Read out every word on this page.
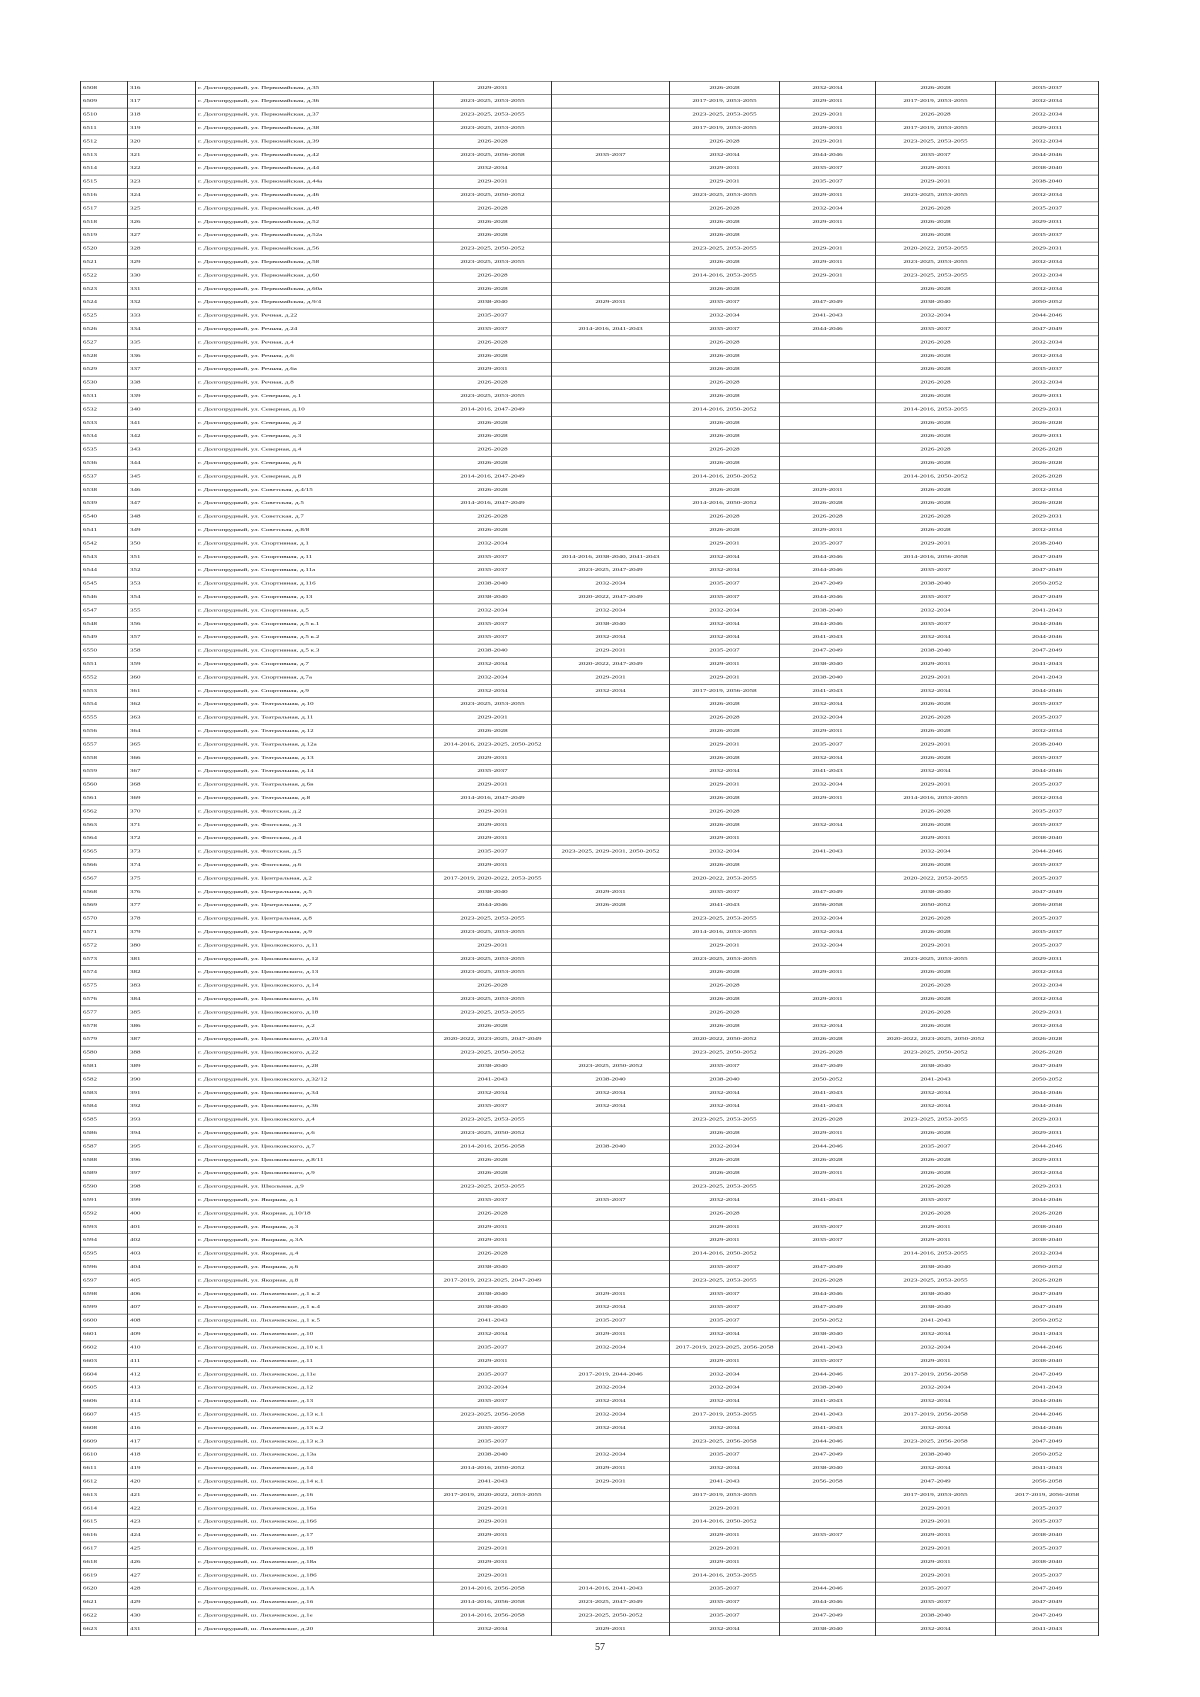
6508	316	г. Долгопрудный, ул. Первомайская, д.35	2029-2031		2026-2028	2032-2034	2026-2028	2035-2037
6509	317	г. Долгопрудный, ул. Первомайская, д.36	2023-2025, 2053-2055		2017-2019, 2053-2055	2029-2031	2017-2019, 2053-2055	2032-2034
6510	318	г. Долгопрудный, ул. Первомайская, д.37	2023-2025, 2053-2055		2023-2025, 2053-2055	2029-2031	2026-2028	2032-2034
6511	319	г. Долгопрудный, ул. Первомайская, д.38	2023-2025, 2053-2055		2017-2019, 2053-2055	2029-2031	2017-2019, 2053-2055	2029-2031
6512	320	г. Долгопрудный, ул. Первомайская, д.39	2026-2028		2026-2028	2029-2031	2023-2025, 2053-2055	2032-2034
6513	321	г. Долгопрудный, ул. Первомайская, д.42	2023-2025, 2056-2058	2035-2037	2032-2034	2044-2046	2035-2037	2044-2046
6514	322	г. Долгопрудный, ул. Первомайская, д.44	2032-2034		2029-2031	2035-2037	2029-2031	2038-2040
6515	323	г. Долгопрудный, ул. Первомайская, д.44а	2029-2031		2029-2031	2035-2037	2029-2031	2038-2040
6516	324	г. Долгопрудный, ул. Первомайская, д.46	2023-2025, 2050-2052		2023-2025, 2053-2055	2029-2031	2023-2025, 2053-2055	2032-2034
6517	325	г. Долгопрудный, ул. Первомайская, д.48	2026-2028		2026-2028	2032-2034	2026-2028	2035-2037
6518	326	г. Долгопрудный, ул. Первомайская, д.52	2026-2028		2026-2028	2029-2031	2026-2028	2029-2031
6519	327	г. Долгопрудный, ул. Первомайская, д.52а	2026-2028		2026-2028		2026-2028	2035-2037
6520	328	г. Долгопрудный, ул. Первомайская, д.56	2023-2025, 2050-2052		2023-2025, 2053-2055	2029-2031	2020-2022, 2053-2055	2029-2031
6521	329	г. Долгопрудный, ул. Первомайская, д.58	2023-2025, 2053-2055		2026-2028	2029-2031	2023-2025, 2053-2055	2032-2034
6522	330	г. Долгопрудный, ул. Первомайская, д.60	2026-2028		2014-2016, 2053-2055	2029-2031	2023-2025, 2053-2055	2032-2034
6523	331	г. Долгопрудный, ул. Первомайская, д.60а	2026-2028		2026-2028		2026-2028	2032-2034
6524	332	г. Долгопрудный, ул. Первомайская, д.9/4	2038-2040	2029-2031	2035-2037	2047-2049	2038-2040	2050-2052
6525	333	г. Долгопрудный, ул. Речная, д.22	2035-2037		2032-2034	2041-2043	2032-2034	2044-2046
6526	334	г. Долгопрудный, ул. Речная, д.24	2035-2037	2014-2016, 2041-2043	2035-2037	2044-2046	2035-2037	2047-2049
6527	335	г. Долгопрудный, ул. Речная, д.4	2026-2028		2026-2028		2026-2028	2032-2034
6528	336	г. Долгопрудный, ул. Речная, д.6	2026-2028		2026-2028		2026-2028	2032-2034
6529	337	г. Долгопрудный, ул. Речная, д.6а	2029-2031		2026-2028		2026-2028	2035-2037
6530	338	г. Долгопрудный, ул. Речная, д.8	2026-2028		2026-2028		2026-2028	2032-2034
6531	339	г. Долгопрудный, ул. Северная, д.1	2023-2025, 2053-2055		2026-2028		2026-2028	2029-2031
6532	340	г. Долгопрудный, ул. Северная, д.10	2014-2016, 2047-2049		2014-2016, 2050-2052		2014-2016, 2053-2055	2029-2031
6533	341	г. Долгопрудный, ул. Северная, д.2	2026-2028		2026-2028		2026-2028	2026-2028
6534	342	г. Долгопрудный, ул. Северная, д.3	2026-2028		2026-2028		2026-2028	2029-2031
6535	343	г. Долгопрудный, ул. Северная, д.4	2026-2028		2026-2028		2026-2028	2026-2028
6536	344	г. Долгопрудный, ул. Северная, д.6	2026-2028		2026-2028		2026-2028	2026-2028
6537	345	г. Долгопрудный, ул. Северная, д.8	2014-2016, 2047-2049		2014-2016, 2050-2052		2014-2016, 2050-2052	2026-2028
6538	346	г. Долгопрудный, ул. Советская, д.4/15	2026-2028		2026-2028	2029-2031	2026-2028	2032-2034
6539	347	г. Долгопрудный, ул. Советская, д.5	2014-2016, 2047-2049		2014-2016, 2050-2052	2026-2028	2026-2028	2026-2028
6540	348	г. Долгопрудный, ул. Советская, д.7	2026-2028		2026-2028	2026-2028	2026-2028	2029-2031
6541	349	г. Долгопрудный, ул. Советская, д.8/8	2026-2028		2026-2028	2029-2031	2026-2028	2032-2034
6542	350	г. Долгопрудный, ул. Спортивная, д.1	2032-2034		2029-2031	2035-2037	2029-2031	2038-2040
6543	351	г. Долгопрудный, ул. Спортивная, д.11	2035-2037	2014-2016, 2038-2040, 2041-2043	2032-2034	2044-2046	2014-2016, 2056-2058	2047-2049
6544	352	г. Долгопрудный, ул. Спортивная, д.11а	2035-2037	2023-2025, 2047-2049	2032-2034	2044-2046	2035-2037	2047-2049
6545	353	г. Долгопрудный, ул. Спортивная, д.11б	2038-2040	2032-2034	2035-2037	2047-2049	2038-2040	2050-2052
6546	354	г. Долгопрудный, ул. Спортивная, д.13	2038-2040	2020-2022, 2047-2049	2035-2037	2044-2046	2035-2037	2047-2049
6547	355	г. Долгопрудный, ул. Спортивная, д.5	2032-2034	2032-2034	2032-2034	2038-2040	2032-2034	2041-2043
6548	356	г. Долгопрудный, ул. Спортивная, д.5 к.1	2035-2037	2038-2040	2032-2034	2044-2046	2035-2037	2044-2046
6549	357	г. Долгопрудный, ул. Спортивная, д.5 к.2	2035-2037	2032-2034	2032-2034	2041-2043	2032-2034	2044-2046
6550	358	г. Долгопрудный, ул. Спортивная, д.5 к.3	2038-2040	2029-2031	2035-2037	2047-2049	2038-2040	2047-2049
6551	359	г. Долгопрудный, ул. Спортивная, д.7	2032-2034	2020-2022, 2047-2049	2029-2031	2038-2040	2029-2031	2041-2043
6552	360	г. Долгопрудный, ул. Спортивная, д.7а	2032-2034	2029-2031	2029-2031	2038-2040	2029-2031	2041-2043
6553	361	г. Долгопрудный, ул. Спортивная, д.9	2032-2034	2032-2034	2017-2019, 2056-2058	2041-2043	2032-2034	2044-2046
6554	362	г. Долгопрудный, ул. Театральная, д.10	2023-2025, 2053-2055		2026-2028	2032-2034	2026-2028	2035-2037
6555	363	г. Долгопрудный, ул. Театральная, д.11	2029-2031		2026-2028	2032-2034	2026-2028	2035-2037
6556	364	г. Долгопрудный, ул. Театральная, д.12	2026-2028		2026-2028	2029-2031	2026-2028	2032-2034
6557	365	г. Долгопрудный, ул. Театральная, д.12а	2014-2016, 2023-2025, 2050-2052		2029-2031	2035-2037	2029-2031	2038-2040
6558	366	г. Долгопрудный, ул. Театральная, д.13	2029-2031		2026-2028	2032-2034	2026-2028	2035-2037
6559	367	г. Долгопрудный, ул. Театральная, д.14	2035-2037		2032-2034	2041-2043	2032-2034	2044-2046
6560	368	г. Долгопрудный, ул. Театральная, д.6в	2029-2031		2029-2031	2032-2034	2029-2031	2035-2037
6561	369	г. Долгопрудный, ул. Театральная, д.8	2014-2016, 2047-2049		2026-2028	2029-2031	2014-2016, 2053-2055	2032-2034
6562	370	г. Долгопрудный, ул. Флотская, д.2	2029-2031		2026-2028		2026-2028	2035-2037
6563	371	г. Долгопрудный, ул. Флотская, д.3	2029-2031		2026-2028	2032-2034	2026-2028	2035-2037
6564	372	г. Долгопрудный, ул. Флотская, д.4	2029-2031		2029-2031		2029-2031	2038-2040
6565	373	г. Долгопрудный, ул. Флотская, д.5	2035-2037	2023-2025, 2029-2031, 2050-2052	2032-2034	2041-2043	2032-2034	2044-2046
6566	374	г. Долгопрудный, ул. Флотская, д.6	2029-2031		2026-2028		2026-2028	2035-2037
6567	375	г. Долгопрудный, ул. Центральная, д.2	2017-2019, 2020-2022, 2053-2055		2020-2022, 2053-2055		2020-2022, 2053-2055	2035-2037
6568	376	г. Долгопрудный, ул. Центральная, д.5	2038-2040	2029-2031	2035-2037	2047-2049	2038-2040	2047-2049
6569	377	г. Долгопрудный, ул. Центральная, д.7	2044-2046	2026-2028	2041-2043	2056-2058	2050-2052	2056-2058
6570	378	г. Долгопрудный, ул. Центральная, д.8	2023-2025, 2053-2055		2023-2025, 2053-2055	2032-2034	2026-2028	2035-2037
6571	379	г. Долгопрудный, ул. Центральная, д.9	2023-2025, 2053-2055		2014-2016, 2053-2055	2032-2034	2026-2028	2035-2037
6572	380	г. Долгопрудный, ул. Циолковского, д.11	2029-2031		2029-2031	2032-2034	2029-2031	2035-2037
6573	381	г. Долгопрудный, ул. Циолковского, д.12	2023-2025, 2053-2055		2023-2025, 2053-2055		2023-2025, 2053-2055	2029-2031
6574	382	г. Долгопрудный, ул. Циолковского, д.13	2023-2025, 2053-2055		2026-2028	2029-2031	2026-2028	2032-2034
6575	383	г. Долгопрудный, ул. Циолковского, д.14	2026-2028		2026-2028		2026-2028	2032-2034
6576	384	г. Долгопрудный, ул. Циолковского, д.16	2023-2025, 2053-2055		2026-2028	2029-2031	2026-2028	2032-2034
6577	385	г. Долгопрудный, ул. Циолковского, д.18	2023-2025, 2053-2055		2026-2028		2026-2028	2029-2031
6578	386	г. Долгопрудный, ул. Циолковского, д.2	2026-2028		2026-2028	2032-2034	2026-2028	2032-2034
6579	387	г. Долгопрудный, ул. Циолковского, д.20/14	2020-2022, 2023-2025, 2047-2049		2020-2022, 2050-2052	2026-2028	2020-2022, 2023-2025, 2050-2052	2026-2028
6580	388	г. Долгопрудный, ул. Циолковского, д.22	2023-2025, 2050-2052		2023-2025, 2050-2052	2026-2028	2023-2025, 2050-2052	2026-2028
6581	389	г. Долгопрудный, ул. Циолковского, д.28	2038-2040	2023-2025, 2050-2052	2035-2037	2047-2049	2038-2040	2047-2049
6582	390	г. Долгопрудный, ул. Циолковского, д.32/12	2041-2043	2038-2040	2038-2040	2050-2052	2041-2043	2050-2052
6583	391	г. Долгопрудный, ул. Циолковского, д.34	2032-2034	2032-2034	2032-2034	2041-2043	2032-2034	2044-2046
6584	392	г. Долгопрудный, ул. Циолковского, д.36	2035-2037	2032-2034	2032-2034	2041-2043	2032-2034	2044-2046
6585	393	г. Долгопрудный, ул. Циолковского, д.4	2023-2025, 2053-2055		2023-2025, 2053-2055	2026-2028	2023-2025, 2053-2055	2029-2031
6586	394	г. Долгопрудный, ул. Циолковского, д.6	2023-2025, 2050-2052		2026-2028	2029-2031	2026-2028	2029-2031
6587	395	г. Долгопрудный, ул. Циолковского, д.7	2014-2016, 2056-2058	2038-2040	2032-2034	2044-2046	2035-2037	2044-2046
6588	396	г. Долгопрудный, ул. Циолковского, д.8/11	2026-2028		2026-2028	2026-2028	2026-2028	2029-2031
6589	397	г. Долгопрудный, ул. Циолковского, д.9	2026-2028		2026-2028	2029-2031	2026-2028	2032-2034
6590	398	г. Долгопрудный, ул. Школьная, д.9	2023-2025, 2053-2055		2023-2025, 2053-2055		2026-2028	2029-2031
6591	399	г. Долгопрудный, ул. Якорная, д.1	2035-2037	2035-2037	2032-2034	2041-2043	2035-2037	2044-2046
6592	400	г. Долгопрудный, ул. Якорная, д.10/18	2026-2028		2026-2028		2026-2028	2026-2028
6593	401	г. Долгопрудный, ул. Якорная, д.3	2029-2031		2029-2031	2035-2037	2029-2031	2038-2040
6594	402	г. Долгопрудный, ул. Якорная, д.3А	2029-2031		2029-2031	2035-2037	2029-2031	2038-2040
6595	403	г. Долгопрудный, ул. Якорная, д.4	2026-2028		2014-2016, 2050-2052		2014-2016, 2053-2055	2032-2034
6596	404	г. Долгопрудный, ул. Якорная, д.6	2038-2040		2035-2037	2047-2049	2038-2040	2050-2052
6597	405	г. Долгопрудный, ул. Якорная, д.8	2017-2019, 2023-2025, 2047-2049		2023-2025, 2053-2055	2026-2028	2023-2025, 2053-2055	2026-2028
6598	406	г. Долгопрудный, ш. Лихачевское, д.1 к.2	2038-2040	2029-2031	2035-2037	2044-2046	2038-2040	2047-2049
6599	407	г. Долгопрудный, ш. Лихачевское, д.1 к.4	2038-2040	2032-2034	2035-2037	2047-2049	2038-2040	2047-2049
6600	408	г. Долгопрудный, ш. Лихачевское, д.1 к.5	2041-2043	2035-2037	2035-2037	2050-2052	2041-2043	2050-2052
6601	409	г. Долгопрудный, ш. Лихачевское, д.10	2032-2034	2029-2031	2032-2034	2038-2040	2032-2034	2041-2043
6602	410	г. Долгопрудный, ш. Лихачевское, д.10 к.1	2035-2037	2032-2034	2017-2019, 2023-2025, 2056-2058	2041-2043	2032-2034	2044-2046
6603	411	г. Долгопрудный, ш. Лихачевское, д.11	2029-2031		2029-2031	2035-2037	2029-2031	2038-2040
6604	412	г. Долгопрудный, ш. Лихачевское, д.11е	2035-2037	2017-2019, 2044-2046	2032-2034	2044-2046	2017-2019, 2056-2058	2047-2049
6605	413	г. Долгопрудный, ш. Лихачевское, д.12	2032-2034	2032-2034	2032-2034	2038-2040	2032-2034	2041-2043
6606	414	г. Долгопрудный, ш. Лихачевское, д.13	2035-2037	2032-2034	2032-2034	2041-2043	2032-2034	2044-2046
6607	415	г. Долгопрудный, ш. Лихачевское, д.13 к.1	2023-2025, 2056-2058	2032-2034	2017-2019, 2053-2055	2041-2043	2017-2019, 2056-2058	2044-2046
6608	416	г. Долгопрудный, ш. Лихачевское, д.13 к.2	2035-2037	2032-2034	2032-2034	2041-2043	2032-2034	2044-2046
6609	417	г. Долгопрудный, ш. Лихачевское, д.13 к.3	2035-2037		2023-2025, 2056-2058	2044-2046	2023-2025, 2056-2058	2047-2049
6610	418	г. Долгопрудный, ш. Лихачевское, д.13а	2038-2040	2032-2034	2035-2037	2047-2049	2038-2040	2050-2052
6611	419	г. Долгопрудный, ш. Лихачевское, д.14	2014-2016, 2050-2052	2029-2031	2032-2034	2038-2040	2032-2034	2041-2043
6612	420	г. Долгопрудный, ш. Лихачевское, д.14 к.1	2041-2043	2029-2031	2041-2043	2056-2058	2047-2049	2056-2058
6613	421	г. Долгопрудный, ш. Лихачевское, д.16	2017-2019, 2020-2022, 2053-2055		2017-2019, 2053-2055		2017-2019, 2053-2055	2017-2019, 2056-2058
6614	422	г. Долгопрудный, ш. Лихачевское, д.16а	2029-2031		2029-2031		2029-2031	2035-2037
6615	423	г. Долгопрудный, ш. Лихачевское, д.16б	2029-2031		2014-2016, 2050-2052		2029-2031	2035-2037
6616	424	г. Долгопрудный, ш. Лихачевское, д.17	2029-2031		2029-2031	2035-2037	2029-2031	2038-2040
6617	425	г. Долгопрудный, ш. Лихачевское, д.18	2029-2031		2029-2031		2029-2031	2035-2037
6618	426	г. Долгопрудный, ш. Лихачевское, д.18а	2029-2031		2029-2031		2029-2031	2038-2040
6619	427	г. Долгопрудный, ш. Лихачевское, д.18б	2029-2031		2014-2016, 2053-2055		2029-2031	2035-2037
6620	428	г. Долгопрудный, ш. Лихачевское, д.1А	2014-2016, 2056-2058	2014-2016, 2041-2043	2035-2037	2044-2046	2035-2037	2047-2049
6621	429	г. Долгопрудный, ш. Лихачевское, д.1б	2014-2016, 2056-2058	2023-2025, 2047-2049	2035-2037	2044-2046	2035-2037	2047-2049
6622	430	г. Долгопрудный, ш. Лихачевское, д.1е	2014-2016, 2056-2058	2023-2025, 2050-2052	2035-2037	2047-2049	2038-2040	2047-2049
6623	431	г. Долгопрудный, ш. Лихачевское, д.20	2032-2034	2029-2031	2032-2034	2038-2040	2032-2034	2041-2043
57
